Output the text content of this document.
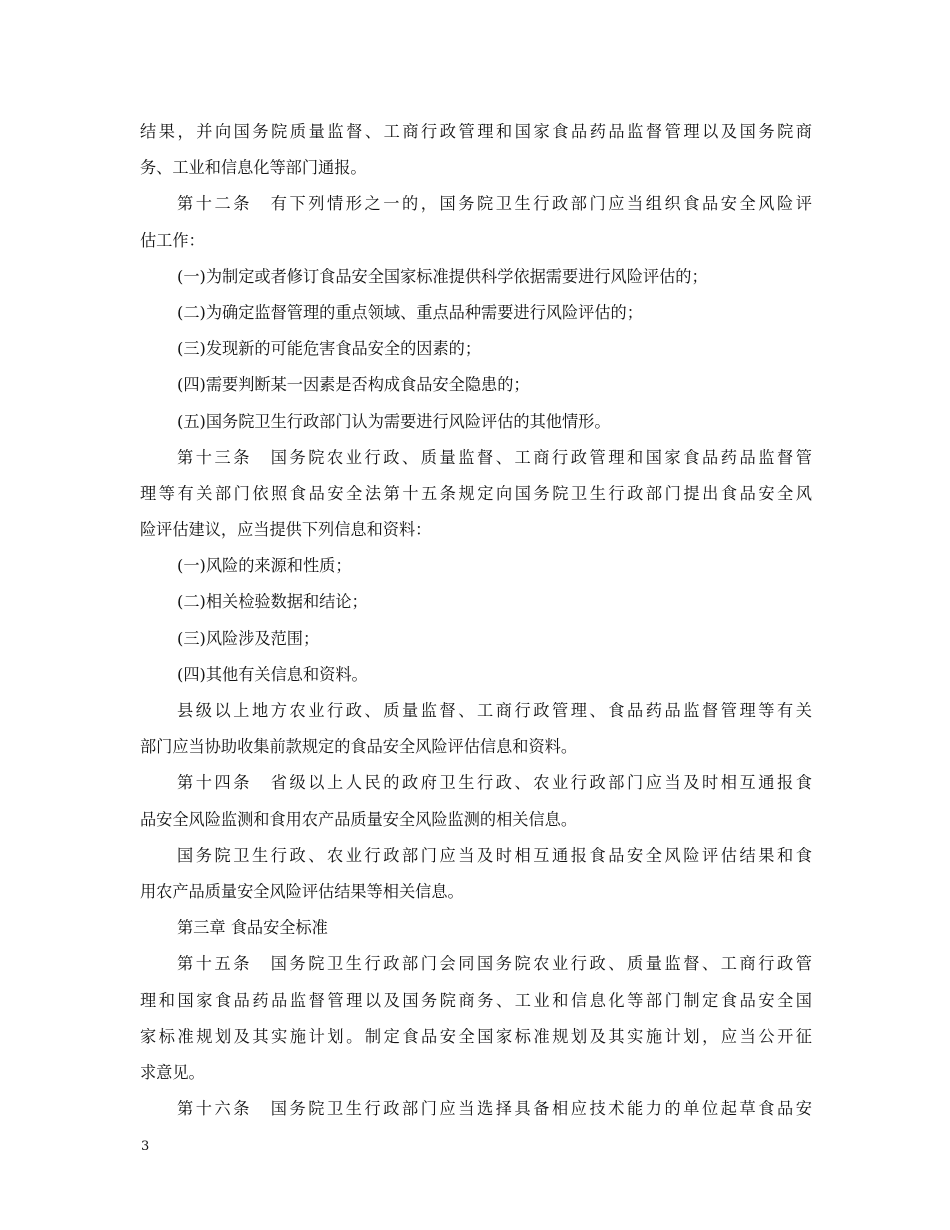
结果，并向国务院质量监督、工商行政管理和国家食品药品监督管理以及国务院商
务、工业和信息化等部门通报。
第十二条　有下列情形之一的，国务院卫生行政部门应当组织食品安全风险评
估工作：
(一)为制定或者修订食品安全国家标准提供科学依据需要进行风险评估的；
(二)为确定监督管理的重点领域、重点品种需要进行风险评估的；
(三)发现新的可能危害食品安全的因素的；
(四)需要判断某一因素是否构成食品安全隐患的；
(五)国务院卫生行政部门认为需要进行风险评估的其他情形。
第十三条　国务院农业行政、质量监督、工商行政管理和国家食品药品监督管
理等有关部门依照食品安全法第十五条规定向国务院卫生行政部门提出食品安全风
险评估建议，应当提供下列信息和资料：
(一)风险的来源和性质；
(二)相关检验数据和结论；
(三)风险涉及范围；
(四)其他有关信息和资料。
县级以上地方农业行政、质量监督、工商行政管理、食品药品监督管理等有关
部门应当协助收集前款规定的食品安全风险评估信息和资料。
第十四条　省级以上人民的政府卫生行政、农业行政部门应当及时相互通报食
品安全风险监测和食用农产品质量安全风险监测的相关信息。
国务院卫生行政、农业行政部门应当及时相互通报食品安全风险评估结果和食
用农产品质量安全风险评估结果等相关信息。
第三章 食品安全标准
第十五条　国务院卫生行政部门会同国务院农业行政、质量监督、工商行政管
理和国家食品药品监督管理以及国务院商务、工业和信息化等部门制定食品安全国
家标准规划及其实施计划。制定食品安全国家标准规划及其实施计划，应当公开征
求意见。
第十六条　国务院卫生行政部门应当选择具备相应技术能力的单位起草食品安
3
